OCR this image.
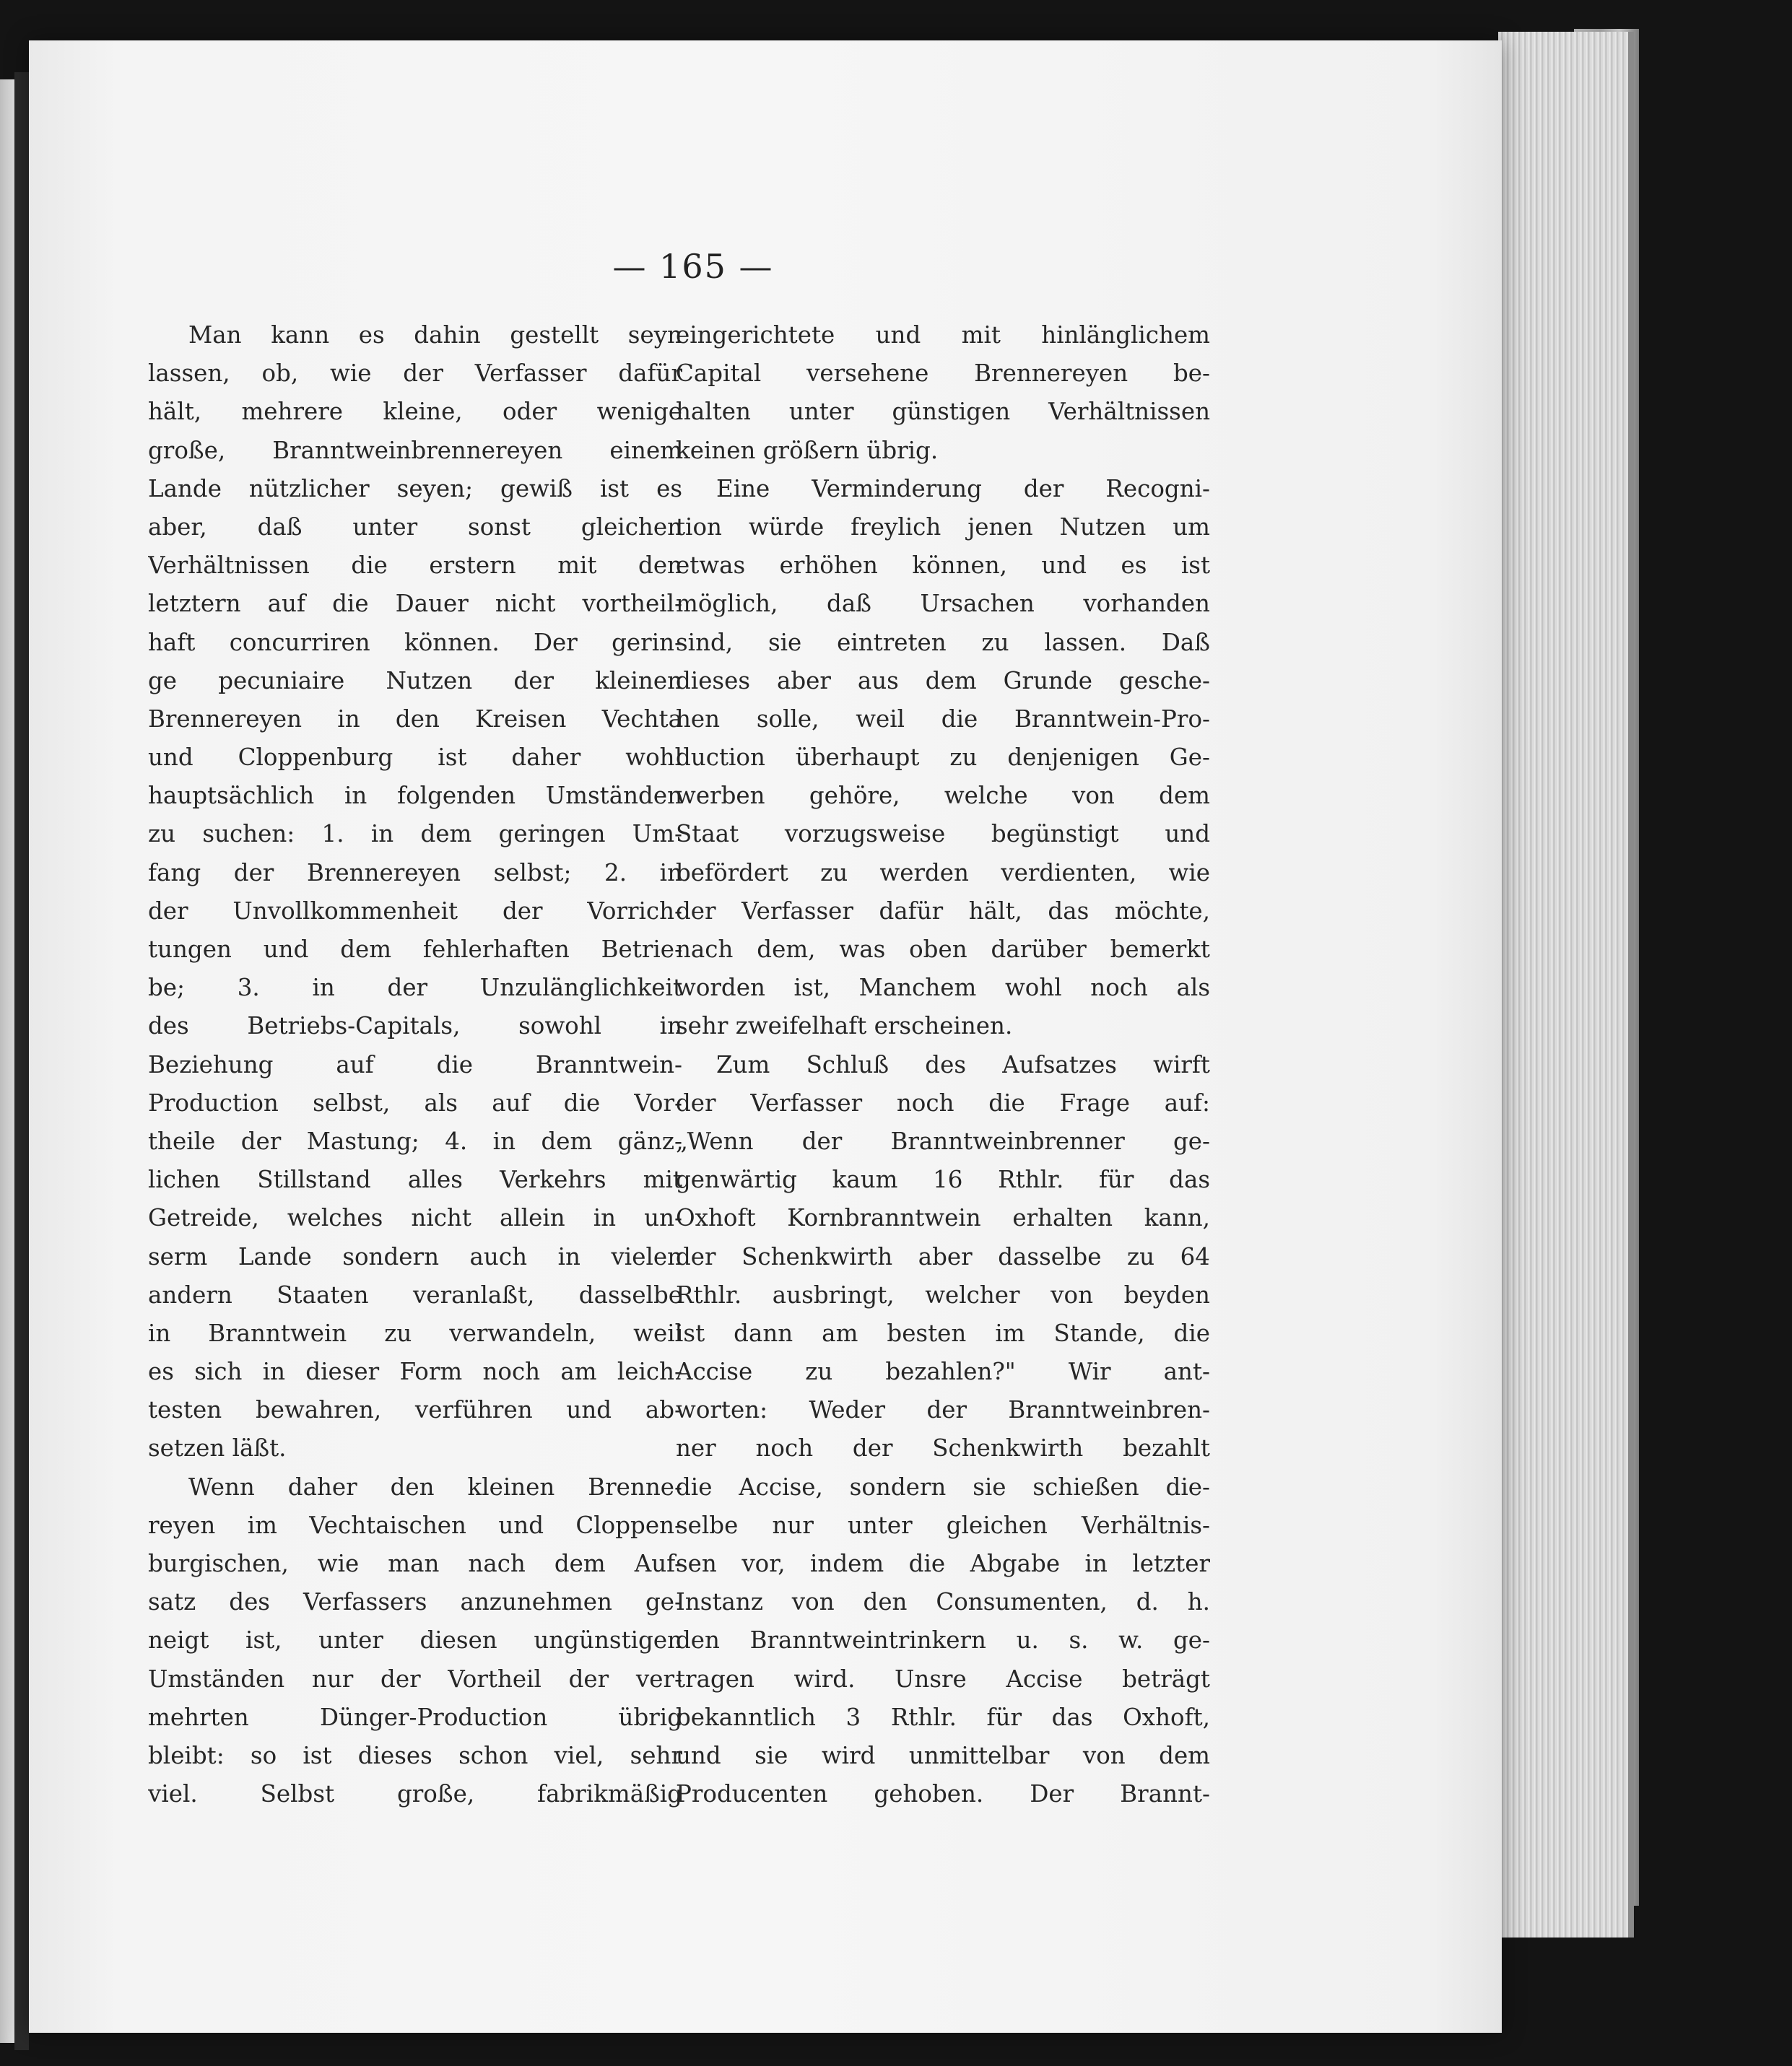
— 165 —
Man kann es dahin gestellt seyn
lassen, ob, wie der Verfasser dafür
hält, mehrere kleine, oder wenige
große, Branntweinbrennereyen einem
Lande nützlicher seyen; gewiß ist es
aber, daß unter sonst gleichen
Verhältnissen die erstern mit den
letztern auf die Dauer nicht vortheil-
haft concurriren können. Der gerin-
ge pecuniaire Nutzen der kleinen
Brennereyen in den Kreisen Vechta
und Cloppenburg ist daher wohl
hauptsächlich in folgenden Umständen
zu suchen: 1. in dem geringen Um-
fang der Brennereyen selbst; 2. in
der Unvollkommenheit der Vorrich-
tungen und dem fehlerhaften Betrie-
be; 3. in der Unzulänglichkeit
des Betriebs-Capitals, sowohl in
Beziehung auf die Branntwein-
Production selbst, als auf die Vor-
theile der Mastung; 4. in dem gänz-
lichen Stillstand alles Verkehrs mit
Getreide, welches nicht allein in un-
serm Lande sondern auch in vielen
andern Staaten veranlaßt, dasselbe
in Branntwein zu verwandeln, weil
es sich in dieser Form noch am leich-
testen bewahren, verführen und ab-
setzen läßt.
Wenn daher den kleinen Brenne-
reyen im Vechtaischen und Cloppen-
burgischen, wie man nach dem Auf-
satz des Verfassers anzunehmen ge-
neigt ist, unter diesen ungünstigen
Umständen nur der Vortheil der ver-
mehrten Dünger-Production übrig
bleibt: so ist dieses schon viel, sehr
viel. Selbst große, fabrikmäßig
eingerichtete und mit hinlänglichem
Capital versehene Brennereyen be-
halten unter günstigen Verhältnissen
keinen größern übrig.
Eine Verminderung der Recogni-
tion würde freylich jenen Nutzen um
etwas erhöhen können, und es ist
möglich, daß Ursachen vorhanden
sind, sie eintreten zu lassen. Daß
dieses aber aus dem Grunde gesche-
hen solle, weil die Branntwein-Pro-
duction überhaupt zu denjenigen Ge-
werben gehöre, welche von dem
Staat vorzugsweise begünstigt und
befördert zu werden verdienten, wie
der Verfasser dafür hält, das möchte,
nach dem, was oben darüber bemerkt
worden ist, Manchem wohl noch als
sehr zweifelhaft erscheinen.
Zum Schluß des Aufsatzes wirft
der Verfasser noch die Frage auf:
„Wenn der Branntweinbrenner ge-
genwärtig kaum 16 Rthlr. für das
Oxhoft Kornbranntwein erhalten kann,
der Schenkwirth aber dasselbe zu 64
Rthlr. ausbringt, welcher von beyden
ist dann am besten im Stande, die
Accise zu bezahlen?" Wir ant-
worten: Weder der Branntweinbren-
ner noch der Schenkwirth bezahlt
die Accise, sondern sie schießen die-
selbe nur unter gleichen Verhältnis-
sen vor, indem die Abgabe in letzter
Instanz von den Consumenten, d. h.
den Branntweintrinkern u. s. w. ge-
tragen wird. Unsre Accise beträgt
bekanntlich 3 Rthlr. für das Oxhoft,
und sie wird unmittelbar von dem
Producenten gehoben. Der Brannt-
